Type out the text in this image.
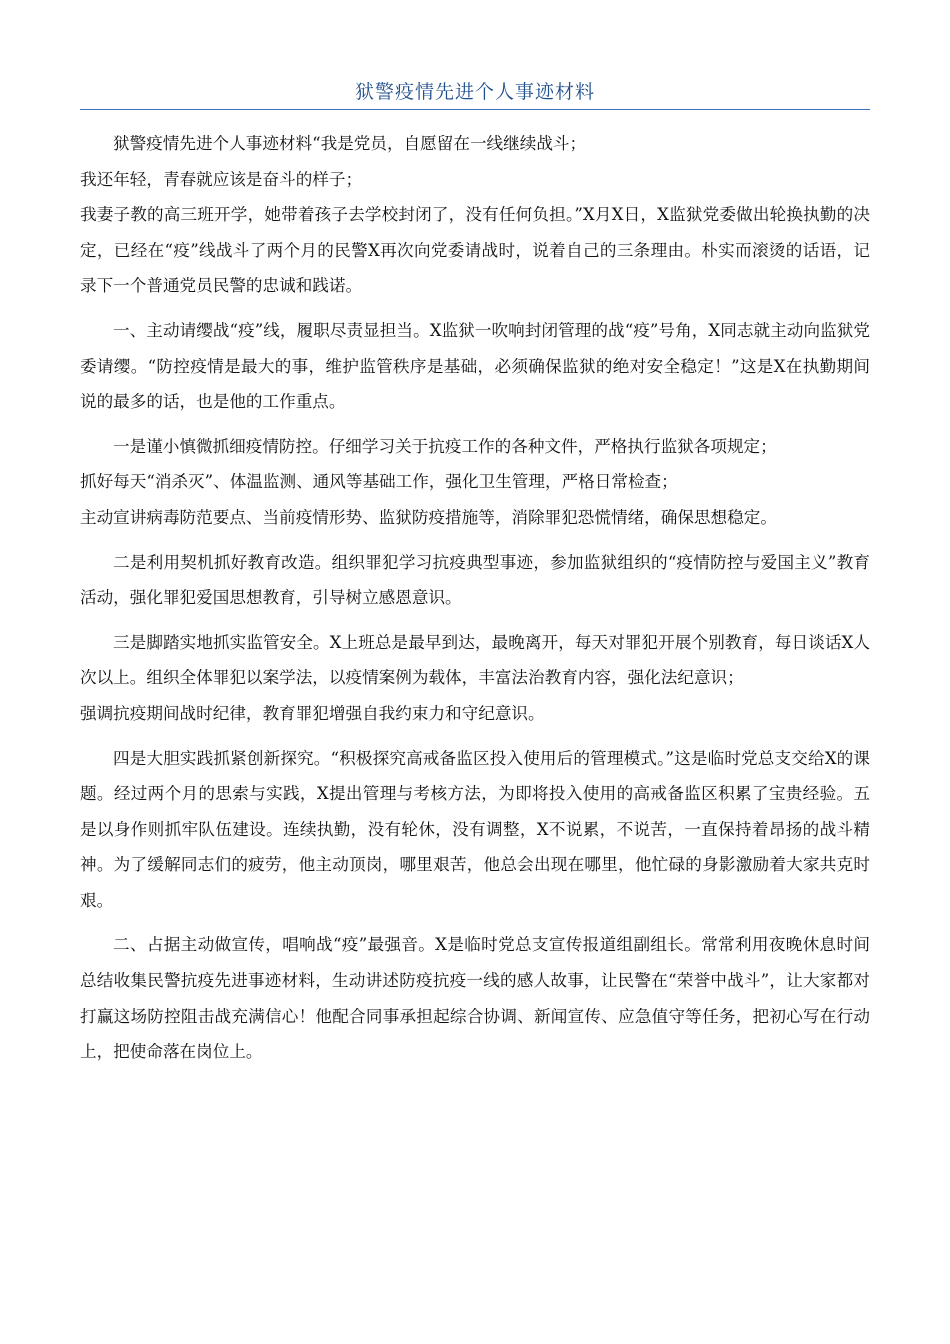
狱警疫情先进个人事迹材料

狱警疫情先进个人事迹材料“我是党员，自愿留在一线继续战斗；

我还年轻，青春就应该是奋斗的样子；

我妻子教的高三班开学，她带着孩子去学校封闭了，没有任何负担。”X月X日，X监狱党委做出轮换执勤的决定，已经在“疫”线战斗了两个月的民警X再次向党委请战时，说着自己的三条理由。朴实而滚烫的话语，记录下一个普通党员民警的忠诚和践诺。

一、主动请缨战“疫”线，履职尽责显担当。X监狱一吹响封闭管理的战“疫”号角，X同志就主动向监狱党委请缨。“防控疫情是最大的事，维护监管秩序是基础，必须确保监狱的绝对安全稳定！”这是X在执勤期间说的最多的话，也是他的工作重点。

一是谨小慎微抓细疫情防控。仔细学习关于抗疫工作的各种文件，严格执行监狱各项规定；

抓好每天“消杀灭”、体温监测、通风等基础工作，强化卫生管理，严格日常检查；

主动宣讲病毒防范要点、当前疫情形势、监狱防疫措施等，消除罪犯恐慌情绪，确保思想稳定。

二是利用契机抓好教育改造。组织罪犯学习抗疫典型事迹，参加监狱组织的“疫情防控与爱国主义”教育活动，强化罪犯爱国思想教育，引导树立感恩意识。

三是脚踏实地抓实监管安全。X上班总是最早到达，最晚离开，每天对罪犯开展个别教育，每日谈话X人次以上。组织全体罪犯以案学法，以疫情案例为载体，丰富法治教育内容，强化法纪意识；

强调抗疫期间战时纪律，教育罪犯增强自我约束力和守纪意识。

四是大胆实践抓紧创新探究。“积极探究高戒备监区投入使用后的管理模式。”这是临时党总支交给X的课题。经过两个月的思索与实践，X提出管理与考核方法，为即将投入使用的高戒备监区积累了宝贵经验。五是以身作则抓牢队伍建设。连续执勤，没有轮休，没有调整，X不说累，不说苦，一直保持着昂扬的战斗精神。为了缓解同志们的疲劳，他主动顶岗，哪里艰苦，他总会出现在哪里，他忙碌的身影激励着大家共克时艰。

二、占据主动做宣传，唱响战“疫”最强音。X是临时党总支宣传报道组副组长。常常利用夜晚休息时间总结收集民警抗疫先进事迹材料，生动讲述防疫抗疫一线的感人故事，让民警在“荣誉中战斗”，让大家都对打赢这场防控阻击战充满信心！他配合同事承担起综合协调、新闻宣传、应急值守等任务，把初心写在行动上，把使命落在岗位上。
